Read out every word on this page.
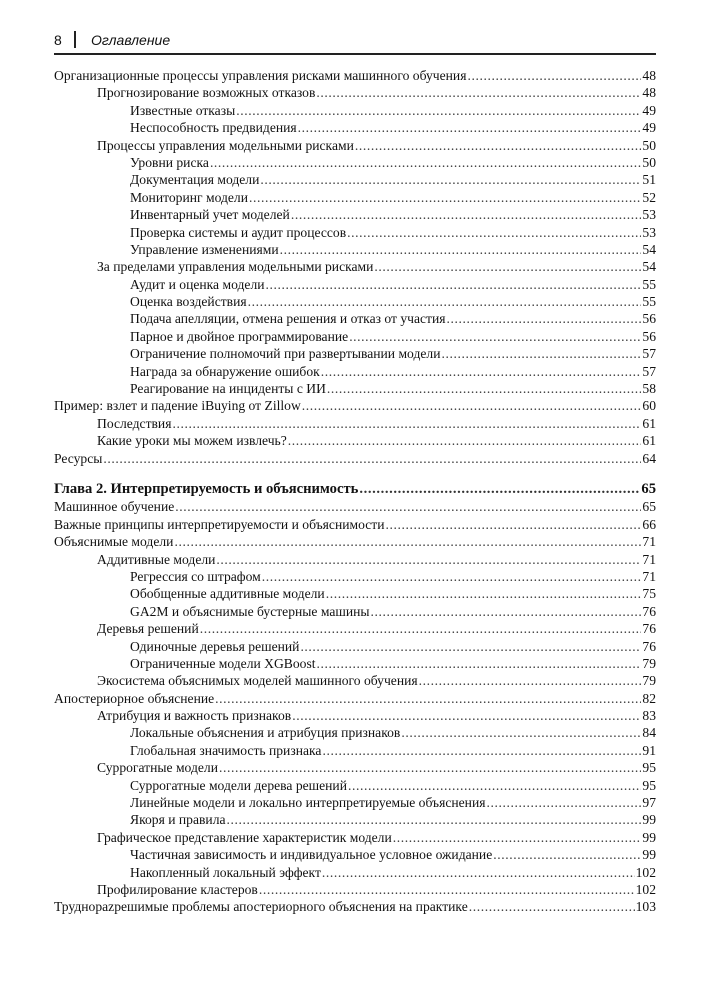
8 Оглавление
Организационные процессы управления рисками машинного обучения .....	48
Прогнозирование возможных отказов .....	48
Известные отказы .....	49
Неспособность предвидения .....	49
Процессы управления модельными рисками .....	50
Уровни риска .....	50
Документация модели .....	51
Мониторинг модели .....	52
Инвентарный учет моделей .....	53
Проверка системы и аудит процессов .....	53
Управление изменениями .....	54
За пределами управления модельными рисками .....	54
Аудит и оценка модели .....	55
Оценка воздействия .....	55
Подача апелляции, отмена решения и отказ от участия .....	56
Парное и двойное программирование .....	56
Ограничение полномочий при развертывании модели .....	57
Награда за обнаружение ошибок .....	57
Реагирование на инциденты с ИИ .....	58
Пример: взлет и падение iBuying от Zillow .....	60
Последствия .....	61
Какие уроки мы можем извлечь? .....	61
Ресурсы .....	64
Глава 2. Интерпретируемость и объяснимость .....	65
Машинное обучение .....	65
Важные принципы интерпретируемости и объяснимости .....	66
Объяснимые модели .....	71
Аддитивные модели .....	71
Регрессия со штрафом .....	71
Обобщенные аддитивные модели .....	75
GA2M и объяснимые бустерные машины .....	76
Деревья решений .....	76
Одиночные деревья решений .....	76
Ограниченные модели XGBoost .....	79
Экосистема объяснимых моделей машинного обучения .....	79
Апостериорное объяснение .....	82
Атрибуция и важность признаков .....	83
Локальные объяснения и атрибуция признаков .....	84
Глобальная значимость признака .....	91
Суррогатные модели .....	95
Суррогатные модели дерева решений .....	95
Линейные модели и локально интерпретируемые объяснения .....	97
Якоря и правила .....	99
Графическое представление характеристик модели .....	99
Частичная зависимость и индивидуальное условное ожидание .....	99
Накопленный локальный эффект .....	102
Профилирование кластеров .....	102
Труднорazрешимые проблемы апостериорного объяснения на практике .....	103
